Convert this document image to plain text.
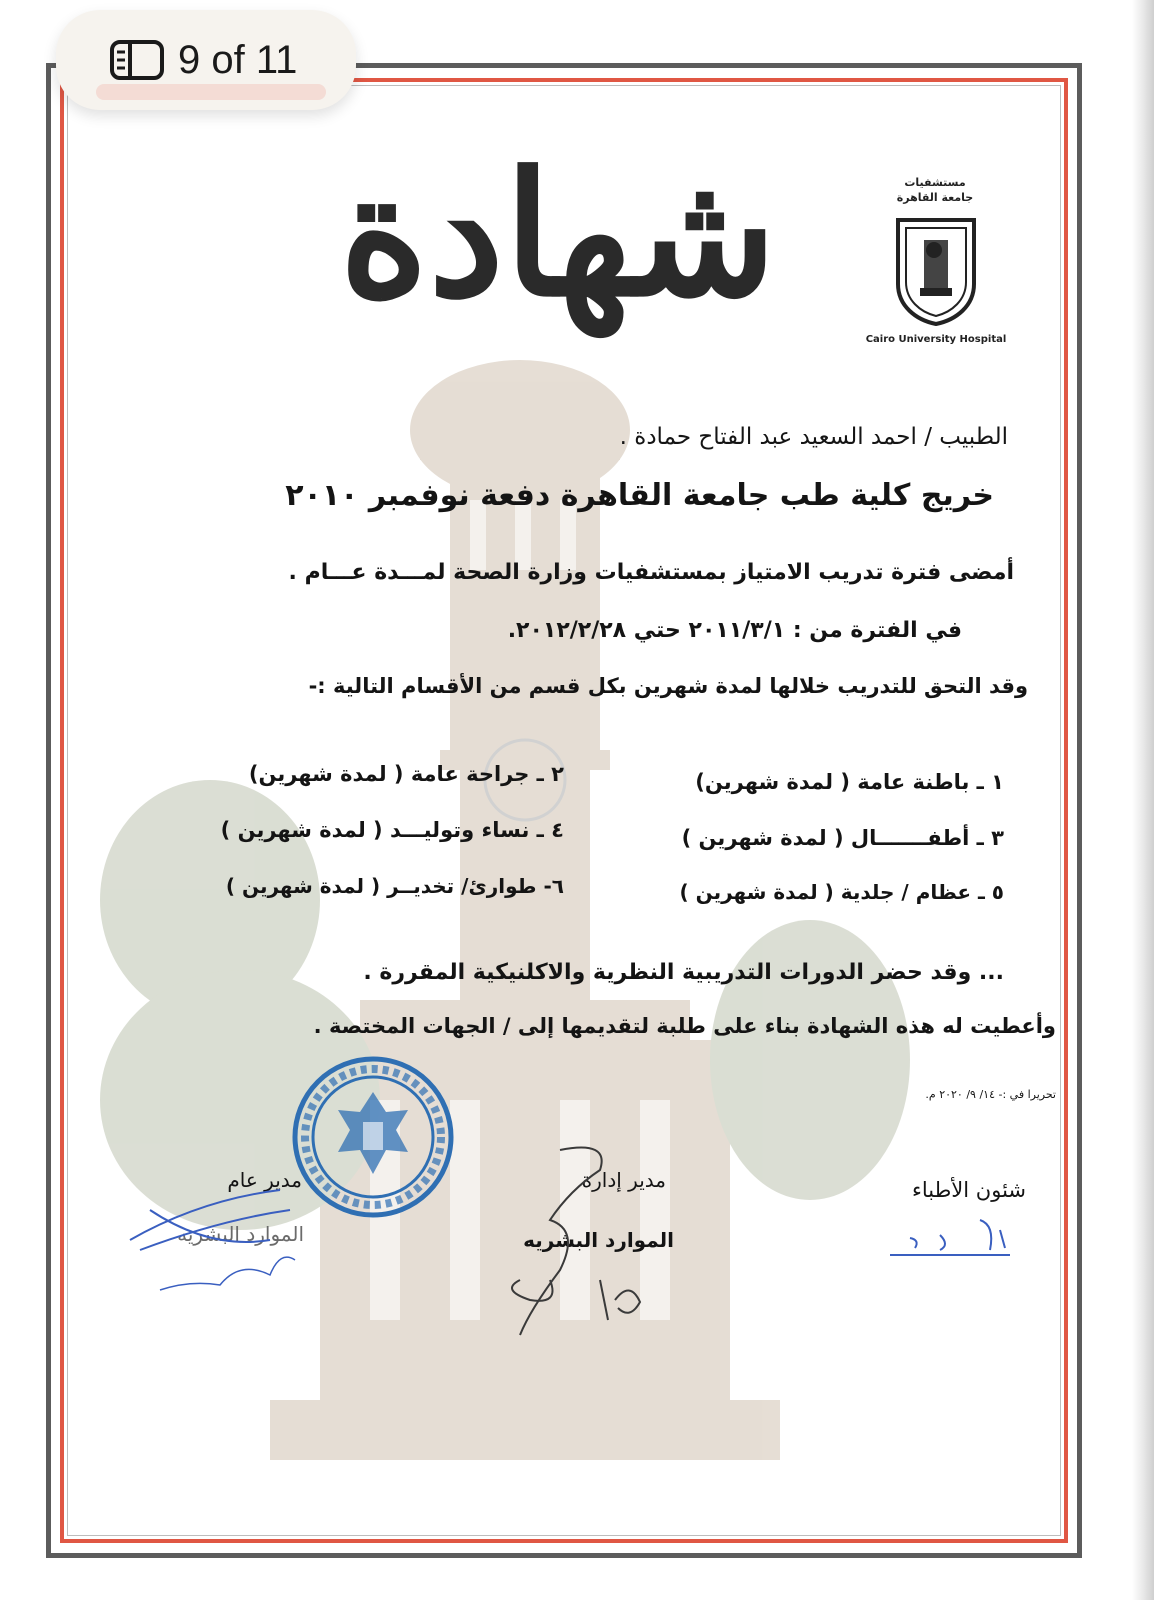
مستشفيات
جامعة القاهرة
Cairo University Hospital
شهادة
الطبيب / احمد السعيد عبد الفتاح حمادة .
خريج كلية طب جامعة القاهرة دفعة نوفمبر ٢٠١٠
أمضى فترة تدريب الامتياز بمستشفيات وزارة الصحة لمـــدة عـــام .
في الفترة من : ٢٠١١/٣/١ حتي ٢٠١٢/٢/٢٨.
وقد التحق للتدريب خلالها لمدة شهرين بكل قسم من الأقسام التالية :-
١ ـ باطنة عامة ( لمدة شهرين)
٢ ـ جراحة عامة ( لمدة شهرين)
٣ ـ أطفـــــــال ( لمدة شهرين )
٤ ـ نساء وتوليـــد ( لمدة شهرين )
٥ ـ عظام / جلدية ( لمدة شهرين )
٦- طوارئ/ تخديــر ( لمدة شهرين )
... وقد حضر الدورات التدريبية النظرية والاكلنيكية المقررة .
وأعطيت له هذه الشهادة بناء على طلبة لتقديمها إلى / الجهات المختصة .
تحريرا في :- ١٤/ ٩/ ٢٠٢٠ م.
شئون الأطباء
مدير إدارة
الموارد البشريه
مدير عام
الموارد البشريه
9 of 11
